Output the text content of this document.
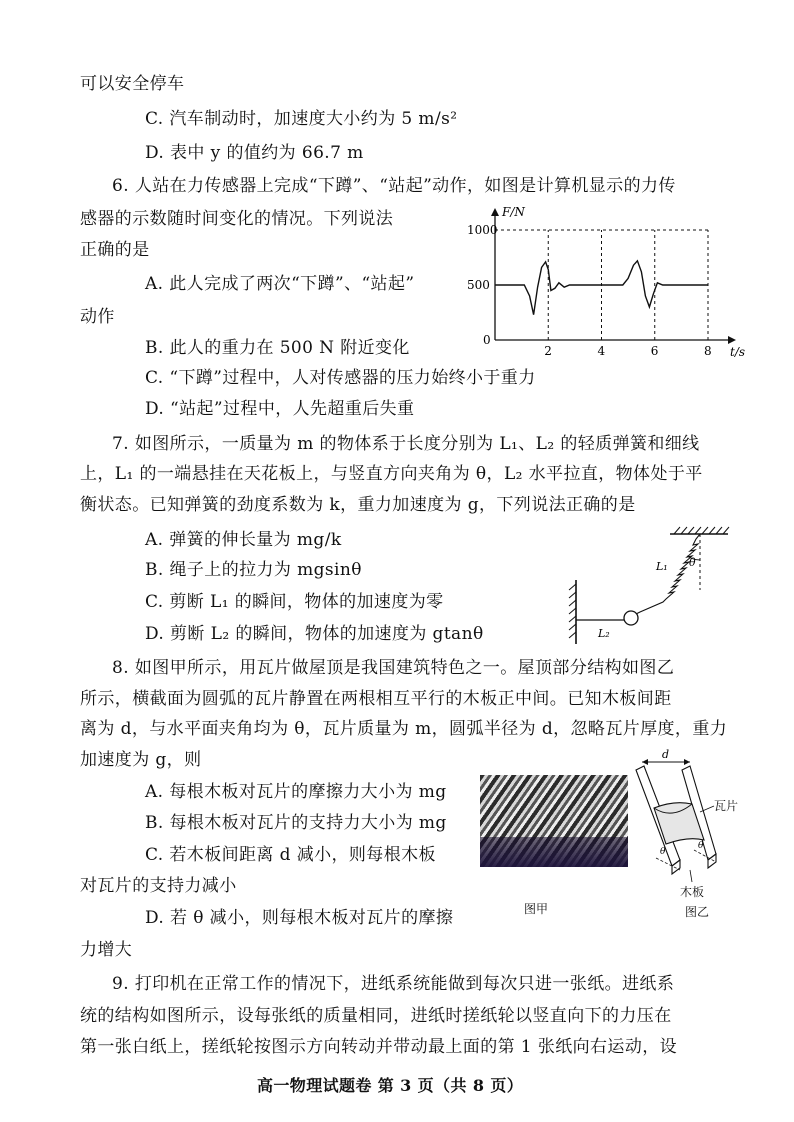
可以安全停车
C. 汽车制动时，加速度大小约为 5 m/s²
D. 表中 y 的值约为 66.7 m
6. 人站在力传感器上完成“下蹲”、“站起”动作，如图是计算机显示的力传
感器的示数随时间变化的情况。下列说法
正确的是
A. 此人完成了两次“下蹲”、“站起”
动作
B. 此人的重力在 500 N 附近变化
C. “下蹲”过程中，人对传感器的压力始终小于重力
D. “站起”过程中，人先超重后失重
7. 如图所示，一质量为 m 的物体系于长度分别为 L₁、L₂ 的轻质弹簧和细线
上，L₁ 的一端悬挂在天花板上，与竖直方向夹角为 θ，L₂ 水平拉直，物体处于平
衡状态。已知弹簧的劲度系数为 k，重力加速度为 g，下列说法正确的是
A. 弹簧的伸长量为 mg/k
B. 绳子上的拉力为 mgsinθ
C. 剪断 L₁ 的瞬间，物体的加速度为零
D. 剪断 L₂ 的瞬间，物体的加速度为 gtanθ
8. 如图甲所示，用瓦片做屋顶是我国建筑特色之一。屋顶部分结构如图乙
所示，横截面为圆弧的瓦片静置在两根相互平行的木板正中间。已知木板间距
离为 d，与水平面夹角均为 θ，瓦片质量为 m，圆弧半径为 d，忽略瓦片厚度，重力
加速度为 g，则
A. 每根木板对瓦片的摩擦力大小为 mg
B. 每根木板对瓦片的支持力大小为 mg
C. 若木板间距离 d 减小，则每根木板
对瓦片的支持力减小
D. 若 θ 减小，则每根木板对瓦片的摩擦
力增大
9. 打印机在正常工作的情况下，进纸系统能做到每次只进一张纸。进纸系
统的结构如图所示，设每张纸的质量相同，进纸时搓纸轮以竖直向下的力压在
第一张白纸上，搓纸轮按图示方向转动并带动最上面的第 1 张纸向右运动，设
高一物理试题卷 第 3 页（共 8 页）
2	4	6	8
1000
500
0
F/N
t/s
θ
L₁
L₂
图甲
d
θ
θ
瓦片
木板
图乙
